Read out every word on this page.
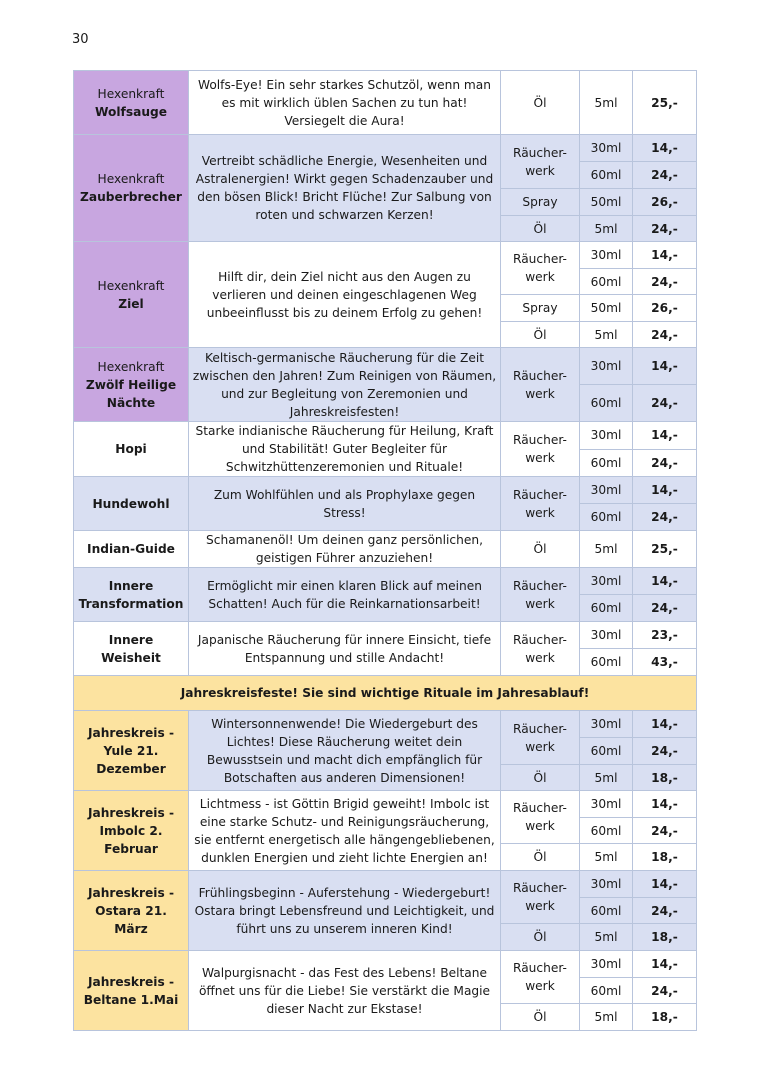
30
Hexenkraft
Wolfsauge	Wolfs-Eye! Ein sehr starkes Schutzöl, wenn man es mit wirklich üblen Sachen zu tun hat! Versiegelt die Aura!	Öl	5ml	25,-

Hexenkraft
Zauberbrecher	Vertreibt schädliche Energie, Wesenheiten und Astralenergien! Wirkt gegen Schadenzauber und den bösen Blick! Bricht Flüche! Zur Salbung von roten und schwarzen Kerzen!	Räucher-werk	30ml	14,-
			60ml	24,-
		Spray	50ml	26,-
		Öl	5ml	24,-

Hexenkraft
Ziel	Hilft dir, dein Ziel nicht aus den Augen zu verlieren und deinen eingeschlagenen Weg unbeeinflusst bis zu deinem Erfolg zu gehen!	Räucher-werk	30ml	14,-
			60ml	24,-
		Spray	50ml	26,-
		Öl	5ml	24,-

Hexenkraft
Zwölf Heilige Nächte	Keltisch-germanische Räucherung für die Zeit zwischen den Jahren! Zum Reinigen von Räumen, und zur Begleitung von Zeremonien und Jahreskreisfesten!	Räucher-werk	30ml	14,-
			60ml	24,-

Hopi	Starke indianische Räucherung für Heilung, Kraft und Stabilität! Guter Begleiter für Schwitzhüttenzeremonien und Rituale!	Räucher-werk	30ml	14,-
			60ml	24,-

Hundewohl	Zum Wohlfühlen und als Prophylaxe gegen Stress!	Räucher-werk	30ml	14,-
			60ml	24,-

Indian-Guide	Schamanenöl! Um deinen ganz persönlichen, geistigen Führer anzuziehen!	Öl	5ml	25,-

Innere Transformation	Ermöglicht mir einen klaren Blick auf meinen Schatten! Auch für die Reinkarnationsarbeit!	Räucher-werk	30ml	14,-
			60ml	24,-

Innere Weisheit	Japanische Räucherung für innere Einsicht, tiefe Entspannung und stille Andacht!	Räucher-werk	30ml	23,-
			60ml	43,-
Jahreskreisfeste! Sie sind wichtige Rituale im Jahresablauf!				

Jahreskreis - Yule 21. Dezember	Wintersonnenwende! Die Wiedergeburt des Lichtes! Diese Räucherung weitet dein Bewusstsein und macht dich empfänglich für Botschaften aus anderen Dimensionen!	Räucher-werk	30ml	14,-
			60ml	24,-
		Öl	5ml	18,-

Jahreskreis - Imbolc 2. Februar	Lichtmess - ist Göttin Brigid geweiht! Imbolc ist eine starke Schutz- und Reinigungsräucherung, sie entfernt energetisch alle hängengebliebenen, dunklen Energien und zieht lichte Energien an!	Räucher-werk	30ml	14,-
			60ml	24,-
		Öl	5ml	18,-

Jahreskreis - Ostara 21. März	Frühlingsbeginn - Auferstehung - Wiedergeburt! Ostara bringt Lebensfreund und Leichtigkeit, und führt uns zu unserem inneren Kind!	Räucher-werk	30ml	14,-
			60ml	24,-
		Öl	5ml	18,-

Jahreskreis - Beltane 1.Mai	Walpurgisnacht - das Fest des Lebens! Beltane öffnet uns für die Liebe! Sie verstärkt die Magie dieser Nacht zur Ekstase!	Räucher-werk	30ml	14,-
			60ml	24,-
		Öl	5ml	18,-
